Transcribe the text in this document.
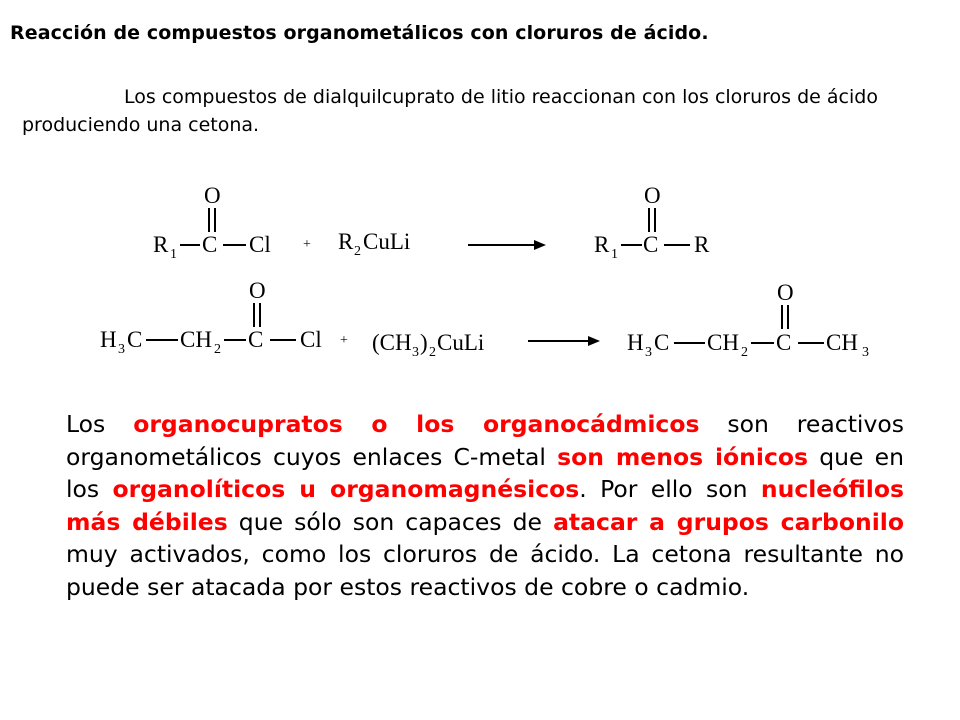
Reacción de compuestos organometálicos con cloruros de ácido.
Los compuestos de dialquilcuprato de litio reaccionan con los cloruros de ácido produciendo una cetona.
R 1 C Cl
O
+ R 2 CuLi	R 1 C R
O
H 3 C CH 2 C Cl
O
+ (CH 3 ) 2 CuLi	H 3 C CH 2 C CH 3
O
Los organocupratos o los organocádmicos son reactivos organometálicos cuyos enlaces C-metal son menos iónicos que en los organolíticos u organomagnésicos. Por ello son nucleófilos más débiles que sólo son capaces de atacar a grupos carbonilo muy activados, como los cloruros de ácido. La cetona resultante no puede ser atacada por estos reactivos de cobre o cadmio.
